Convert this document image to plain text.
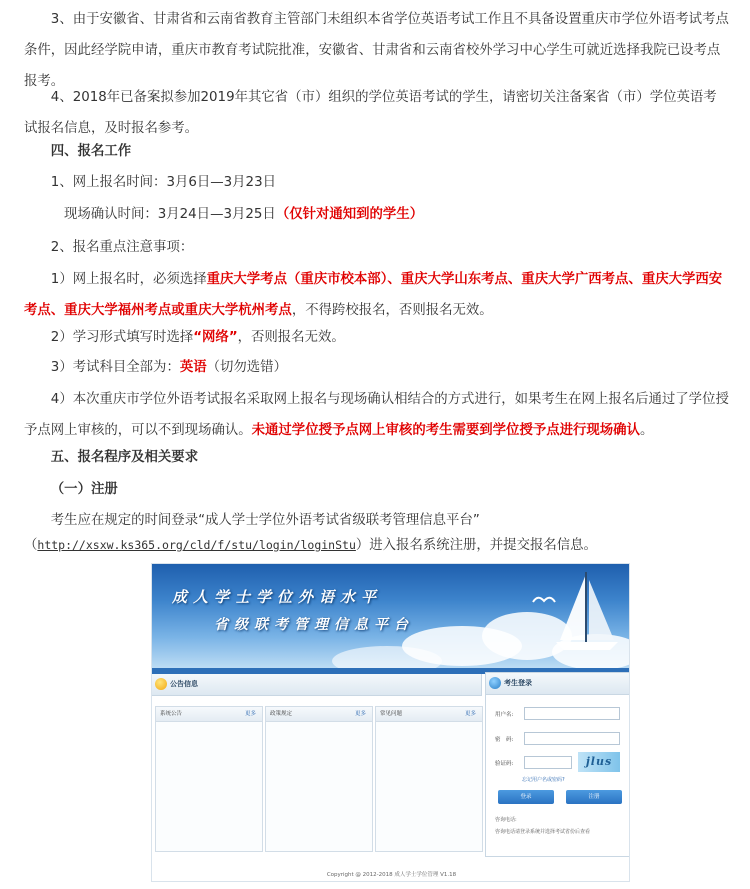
3、由于安徽省、甘肃省和云南省教育主管部门未组织本省学位英语考试工作且不具备设置重庆市学位外语考试考点条件，因此经学院申请，重庆市教育考试院批准，安徽省、甘肃省和云南省校外学习中心学生可就近选择我院已设考点报考。

4、2018年已备案拟参加2019年其它省（市）组织的学位英语考试的学生，请密切关注备案省（市）学位英语考试报名信息，及时报名参考。

四、报名工作

1、网上报名时间：3月6日—3月23日

现场确认时间：3月24日—3月25日（仅针对通知到的学生）

2、报名重点注意事项：

1）网上报名时，必须选择重庆大学考点（重庆市校本部）、重庆大学山东考点、重庆大学广西考点、重庆大学西安考点、重庆大学福州考点或重庆大学杭州考点，不得跨校报名，否则报名无效。

2）学习形式填写时选择“网络”，否则报名无效。

3）考试科目全部为：英语（切勿选错）

4）本次重庆市学位外语考试报名采取网上报名与现场确认相结合的方式进行，如果考生在网上报名后通过了学位授予点网上审核的，可以不到现场确认。未通过学位授予点网上审核的考生需要到学位授予点进行现场确认。

五、报名程序及相关要求

（一）注册

考生应在规定的时间登录“成人学士学位外语考试省级联考管理信息平台”

（http://xsxw.ks365.org/cld/f/stu/login/loginStu）进入报名系统注册，并提交报名信息。

成人学士学位外语水平
省级联考管理信息平台
公告信息
系统公告	更多	政策规定	更多	常见问题	更多
考生登录
用户名:
密　码:
验证码:	jlus
忘记用户名或密码?
登录	注册
咨询电话:
咨询电话请登录系统并选择考试省份后查看
Copyright @ 2012-2018 成人学士学位管理 V1.18
